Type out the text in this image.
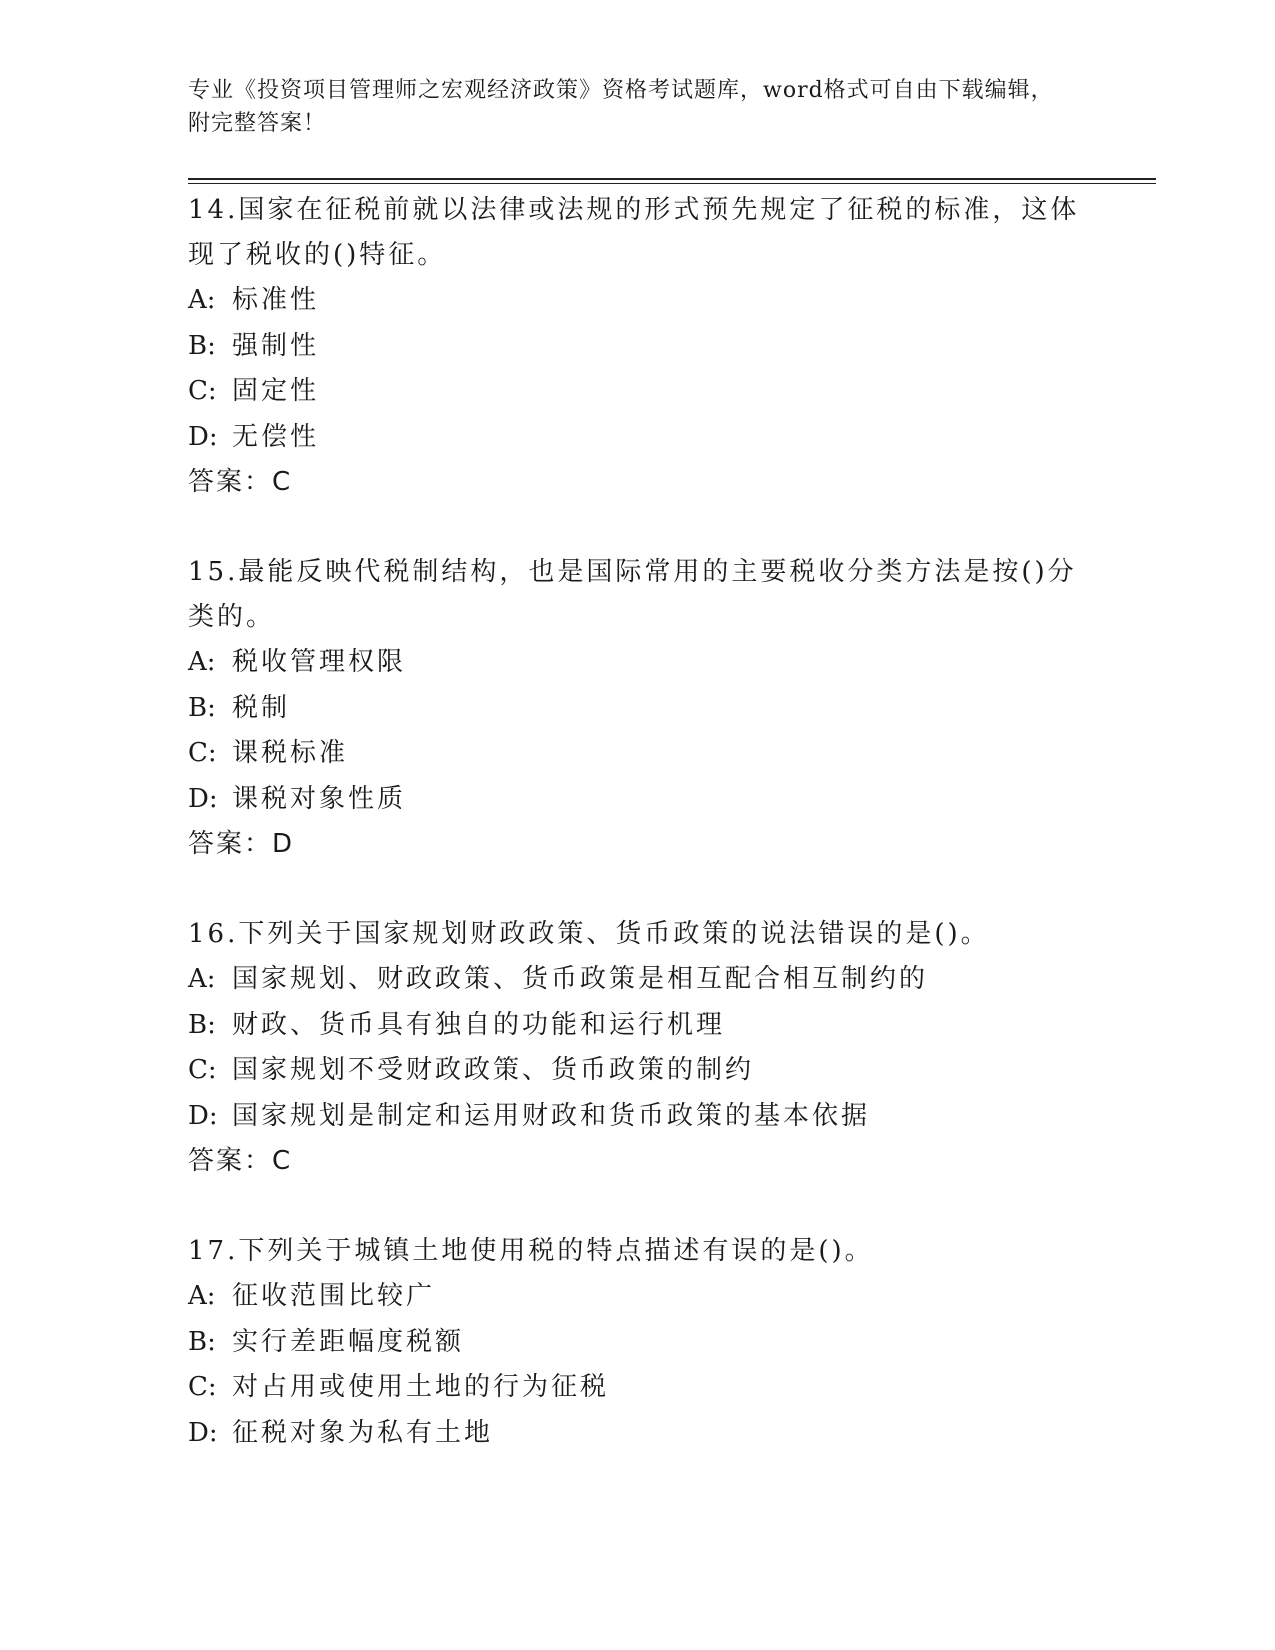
专业《投资项目管理师之宏观经济政策》资格考试题库，word格式可自由下载编辑，附完整答案！

14.国家在征税前就以法律或法规的形式预先规定了征税的标准，这体现了税收的()特征。

A: 标准性

B: 强制性

C: 固定性

D: 无偿性

答案：C

15.最能反映代税制结构，也是国际常用的主要税收分类方法是按()分类的。

A: 税收管理权限

B: 税制

C: 课税标准

D: 课税对象性质

答案：D

16.下列关于国家规划财政政策、货币政策的说法错误的是()。

A: 国家规划、财政政策、货币政策是相互配合相互制约的

B: 财政、货币具有独自的功能和运行机理

C: 国家规划不受财政政策、货币政策的制约

D: 国家规划是制定和运用财政和货币政策的基本依据

答案：C

17.下列关于城镇土地使用税的特点描述有误的是()。

A: 征收范围比较广

B: 实行差距幅度税额

C: 对占用或使用土地的行为征税

D: 征税对象为私有土地
